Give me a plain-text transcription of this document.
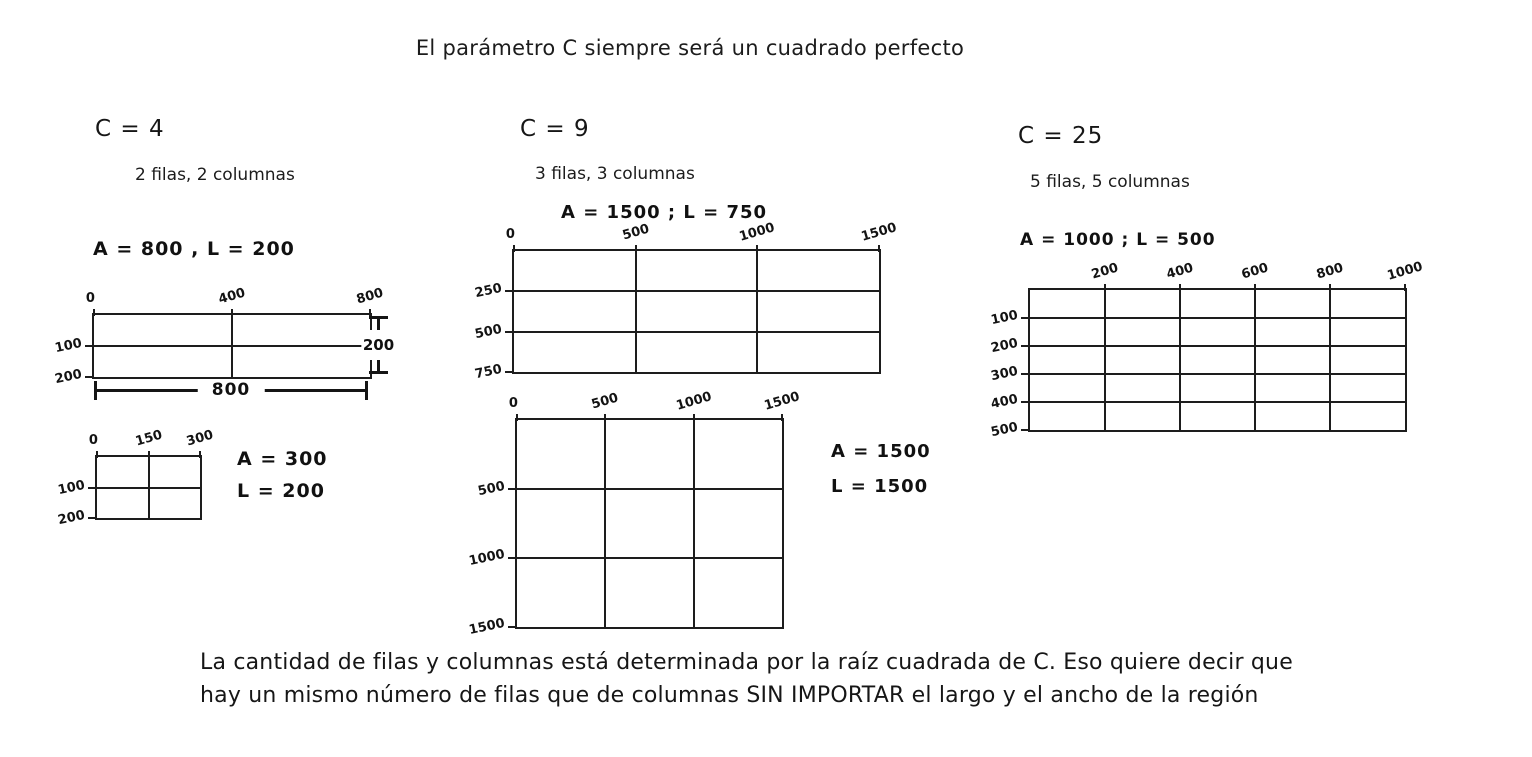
El parámetro C siempre será un cuadrado perfecto
C = 4
2 filas, 2 columnas
A = 800 , L = 200
0	400	800
100
200
800
200
0	150 300
100
200
A = 300
L = 200
C = 9
3 filas, 3 columnas
A = 1500 ; L = 750
0	500	1000	1500
250
500
750
0	500	1000	1500
500
1000
1500
A = 1500
L = 1500
C = 25
5 filas, 5 columnas
A = 1000 ; L = 500
200	400	600	800	1000
100
200
300
400
500
La cantidad de filas y columnas está determinada por la raíz cuadrada de C. Eso quiere decir que
hay un mismo número de filas que de columnas SIN IMPORTAR el largo y el ancho de la región
